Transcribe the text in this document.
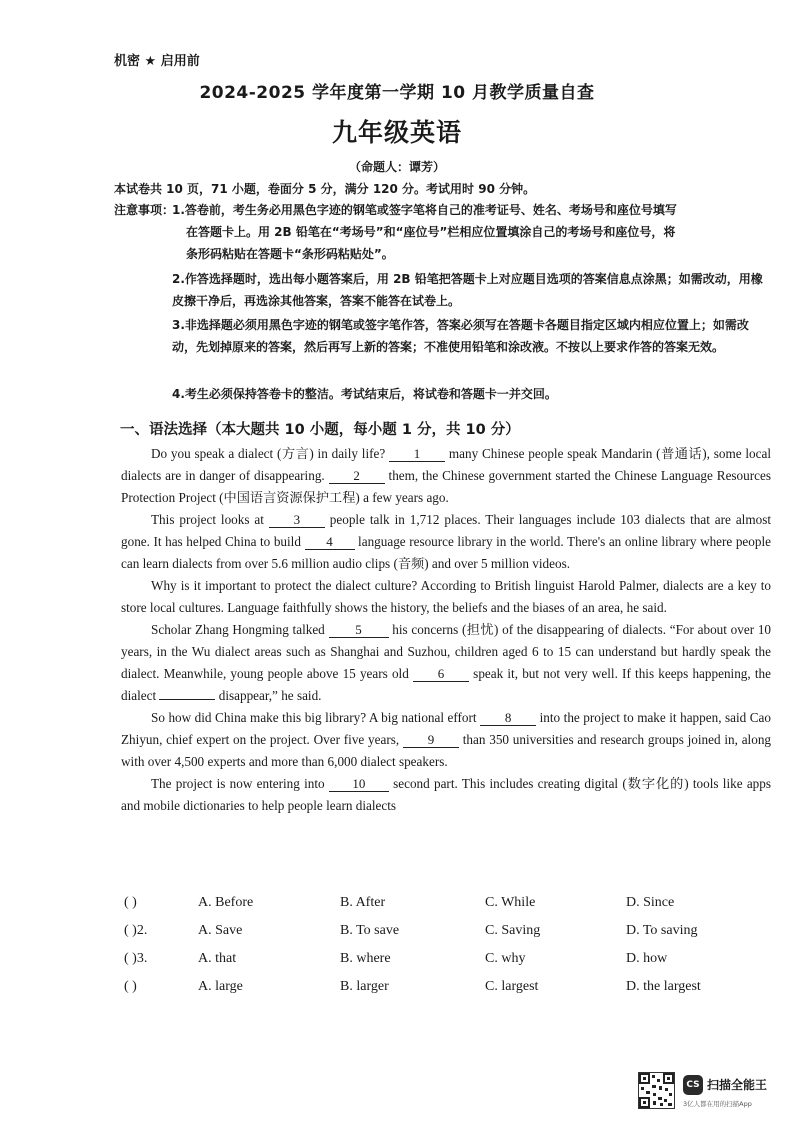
机密 ★ 启用前
2024-2025 学年度第一学期 10 月教学质量自查
九年级英语
（命题人：谭芳）
本试卷共 10 页，71 小题，卷面分 5 分，满分 120 分。考试用时 90 分钟。
注意事项：
1.答卷前，考生务必用黑色字迹的钢笔或签字笔将自己的准考证号、姓名、考场号和座位号填写
在答题卡上。用 2B 铅笔在“考场号”和“座位号”栏相应位置填涂自己的考场号和座位号，将
条形码粘贴在答题卡“条形码粘贴处”。
2.作答选择题时，选出每小题答案后，用 2B 铅笔把答题卡上对应题目选项的答案信息点涂黑；如需改动，用橡皮擦干净后，再选涂其他答案，答案不能答在试卷上。
3.非选择题必须用黑色字迹的钢笔或签字笔作答，答案必须写在答题卡各题目指定区域内相应位置上；如需改动，先划掉原来的答案，然后再写上新的答案；不准使用铅笔和涂改液。不按以上要求作答的答案无效。
4.考生必须保持答卷卡的整洁。考试结束后，将试卷和答题卡一并交回。
一、语法选择（本大题共 10 小题，每小题 1 分，共 10 分）

Do you speak a dialect (方言) in daily life? 1 many Chinese people speak Mandarin (普通话), some local dialects are in danger of disappearing. 2 them, the Chinese government started the Chinese Language Resources Protection Project (中国语言资源保护工程) a few years ago.

This project looks at 3 people talk in 1,712 places. Their languages include 103 dialects that are almost gone. It has helped China to build 4 language resource library in the world. There's an online library where people can learn dialects from over 5.6 million audio clips (音频) and over 5 million videos.

Why is it important to protect the dialect culture? According to British linguist Harold Palmer, dialects are a key to store local cultures. Language faithfully shows the history, the beliefs and the biases of an area, he said.

Scholar Zhang Hongming talked 5 his concerns (担忧) of the disappearing of dialects. “For about over 10 years, in the Wu dialect areas such as Shanghai and Suzhou, children aged 6 to 15 can understand but hardly speak the dialect. Meanwhile, young people above 15 years old 6 speak it, but not very well. If this keeps happening, the dialect	disappear,” he said.

So how did China make this big library? A big national effort 8 into the project to make it happen, said Cao Zhiyun, chief expert on the project. Over five years, 9 than 350 universities and research groups joined in, along with over 4,500 experts and more than 6,000 dialect speakers.

The project is now entering into 10 second part. This includes creating digital (数字化的) tools like apps and mobile dictionaries to help people learn dialects

( )	A. Before	B. After	C. While	D. Since
( )2.	A. Save	B. To save	C. Saving	D. To saving
( )3.	A. that	B. where	C. why	D. how
( )	A. large	B. larger	C. largest	D. the largest
CS 扫描全能王
3亿人都在用的扫描App
